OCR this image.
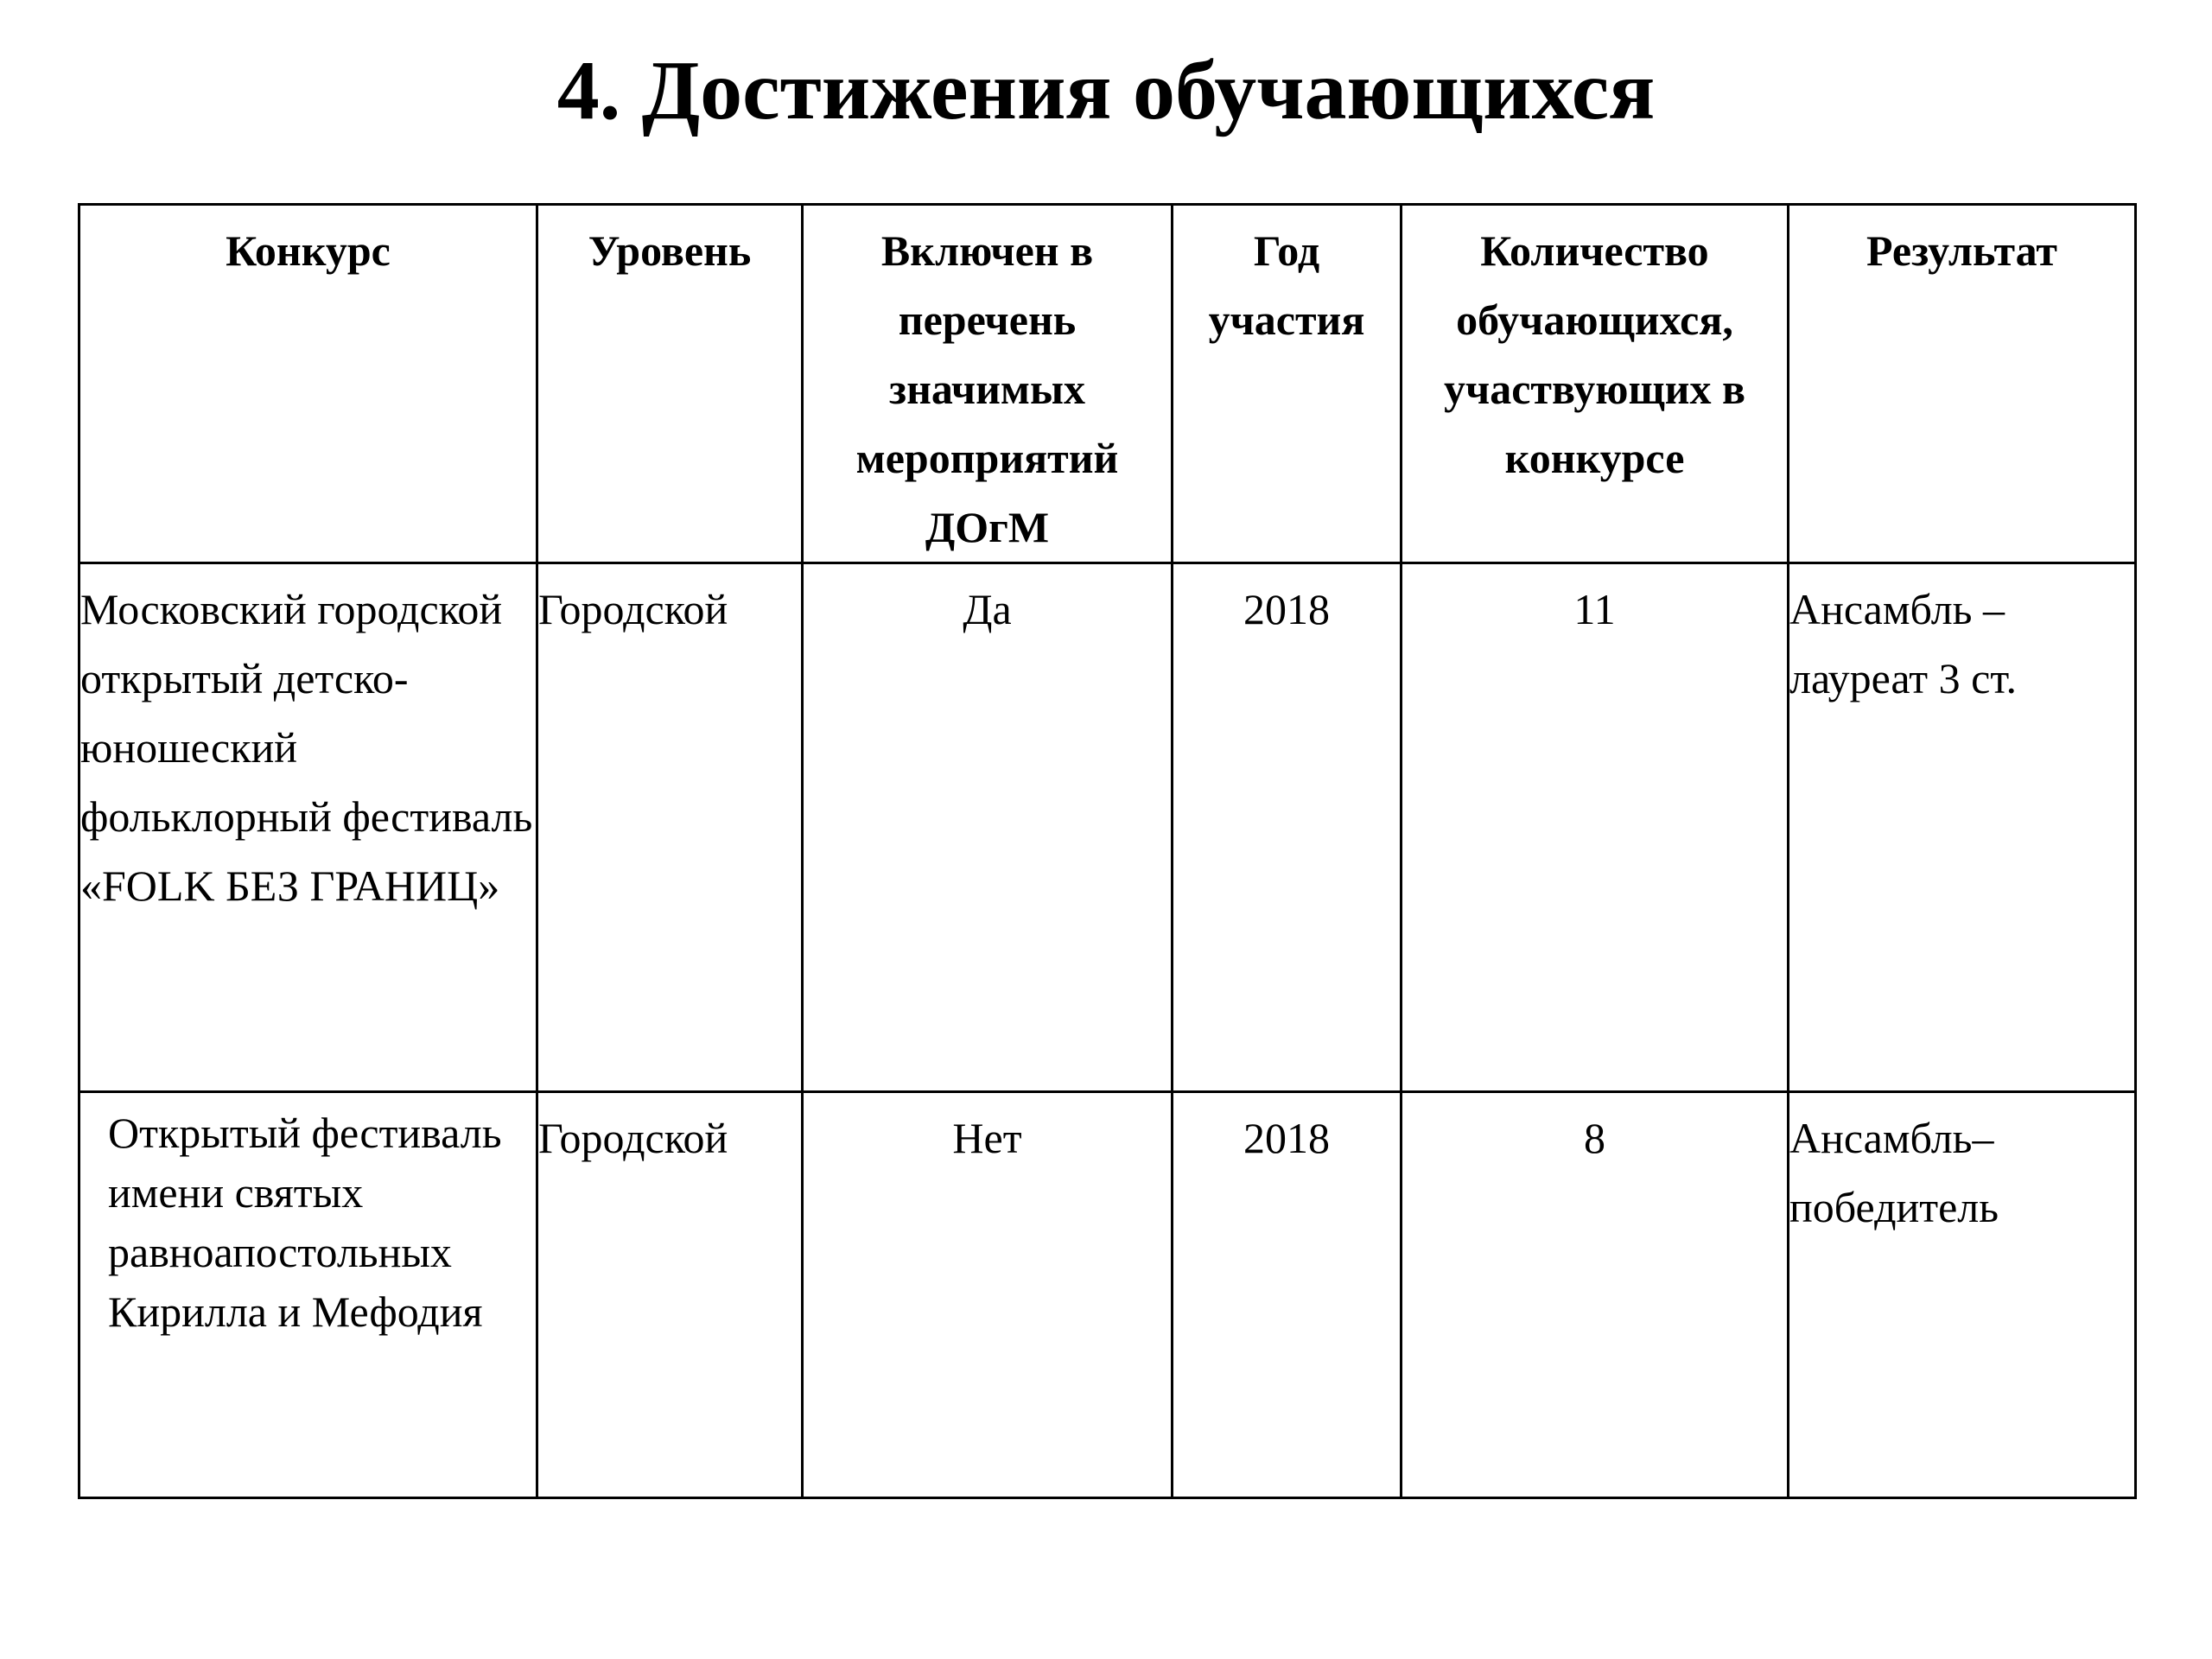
4. Достижения обучающихся
Конкурс	Уровень	Включен в перечень значимых мероприятий ДОгМ	Год участия	Количество обучающихся, участвующих в конкурсе	Результат
Московский городской открытый детско-юношеский фольклорный фестиваль «FOLK БЕЗ ГРАНИЦ»	Городской	Да	2018	11	Ансамбль – лауреат 3 ст.
Открытый фестиваль имени святых равноапостольных Кирилла и Мефодия	Городской	Нет	2018	8	Ансамбль– победитель
